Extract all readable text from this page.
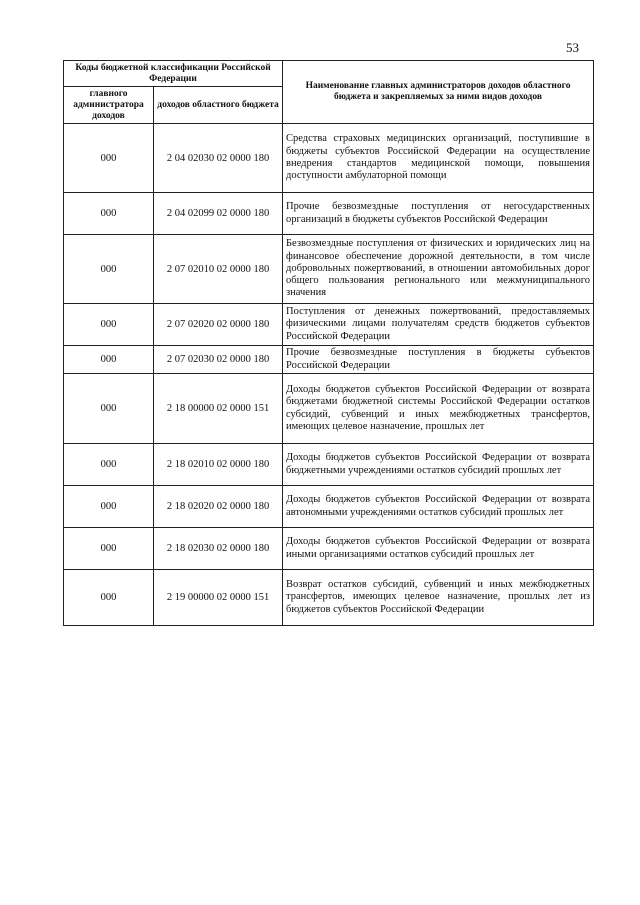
53
Коды бюджетной классификации Российской Федерации		Наименование главных администраторов доходов областного бюджета и закрепляемых за ними видов доходов
главного администратора доходов	доходов областного бюджета	
000	2 04 02030 02 0000 180	Средства страховых медицинских организаций, поступившие в бюджеты субъектов Российской Федерации на осуществление внедрения стандартов медицинской помощи, повышения доступности амбулаторной помощи

000	2 04 02099 02 0000 180	Прочие безвозмездные поступления от негосударственных организаций в бюджеты субъектов Российской Федерации

000	2 07 02010 02 0000 180	Безвозмездные поступления от физических и юридических лиц на финансовое обеспечение дорожной деятельности, в том числе добровольных пожертвований, в отношении автомобильных дорог общего пользования регионального или межмуниципального значения

000	2 07 02020 02 0000 180	Поступления от денежных пожертвований, предоставляемых физическими лицами получателям средств бюджетов субъектов Российской Федерации

000	2 07 02030 02 0000 180	Прочие безвозмездные поступления в бюджеты субъектов Российской Федерации

000	2 18 00000 02 0000 151	Доходы бюджетов субъектов Российской Федерации от возврата бюджетами бюджетной системы Российской Федерации остатков субсидий, субвенций и иных межбюджетных трансфертов, имеющих целевое назначение, прошлых лет

000	2 18 02010 02 0000 180	Доходы бюджетов субъектов Российской Федерации от возврата бюджетными учреждениями остатков субсидий прошлых лет

000	2 18 02020 02 0000 180	Доходы бюджетов субъектов Российской Федерации от возврата автономными учреждениями остатков субсидий прошлых лет

000	2 18 02030 02 0000 180	Доходы бюджетов субъектов Российской Федерации от возврата иными организациями остатков субсидий прошлых лет

000	2 19 00000 02 0000 151	Возврат остатков субсидий, субвенций и иных межбюджетных трансфертов, имеющих целевое назначение, прошлых лет из бюджетов субъектов Российской Федерации
